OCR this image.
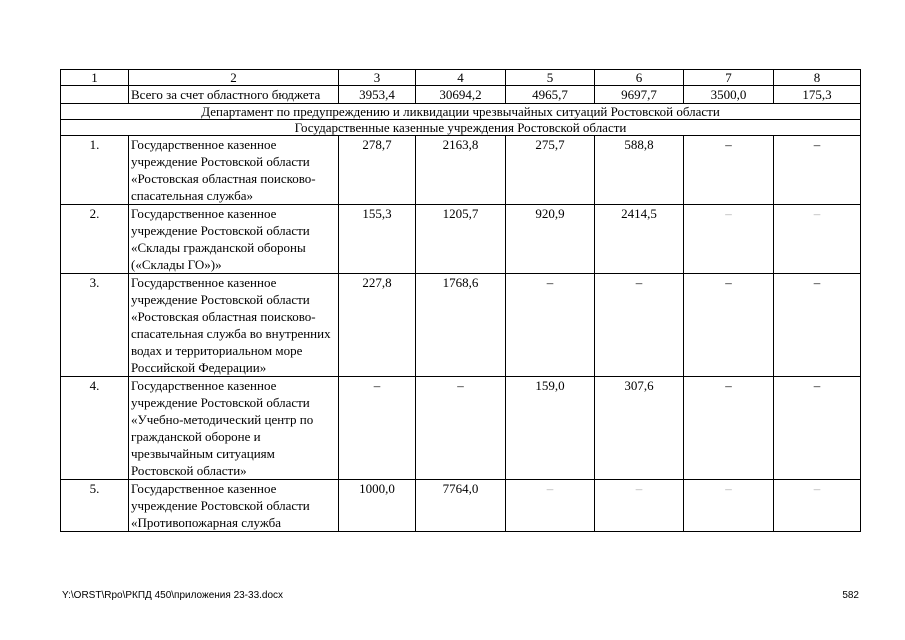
1	2	3	4	5	6	7	8
	Всего за счет областного бюджета	3953,4	30694,2	4965,7	9697,7	3500,0	175,3
Департамент по предупреждению и ликвидации чрезвычайных ситуаций Ростовской области							
Государственные казенные учреждения Ростовской области							
1.	Государственное казенное учреждение Ростовской области «Ростовская областная поисково-спасательная служба»	278,7	2163,8	275,7	588,8	–	–
2.	Государственное казенное учреждение Ростовской области «Склады гражданской обороны («Склады ГО»)»	155,3	1205,7	920,9	2414,5	–	–
3.	Государственное казенное учреждение Ростовской области «Ростовская областная поисково-спасательная служба во внутренних водах и территориальном море Российской Федерации»	227,8	1768,6	–	–	–	–
4.	Государственное казенное учреждение Ростовской области «Учебно-методический центр по гражданской обороне и чрезвычайным ситуациям Ростовской области»	–	–	159,0	307,6	–	–
5.	Государственное казенное учреждение Ростовской области «Противопожарная служба	1000,0	7764,0	–	–	–	–
Y:\ORST\Rpo\РКПД 450\приложения 23-33.docx	582
